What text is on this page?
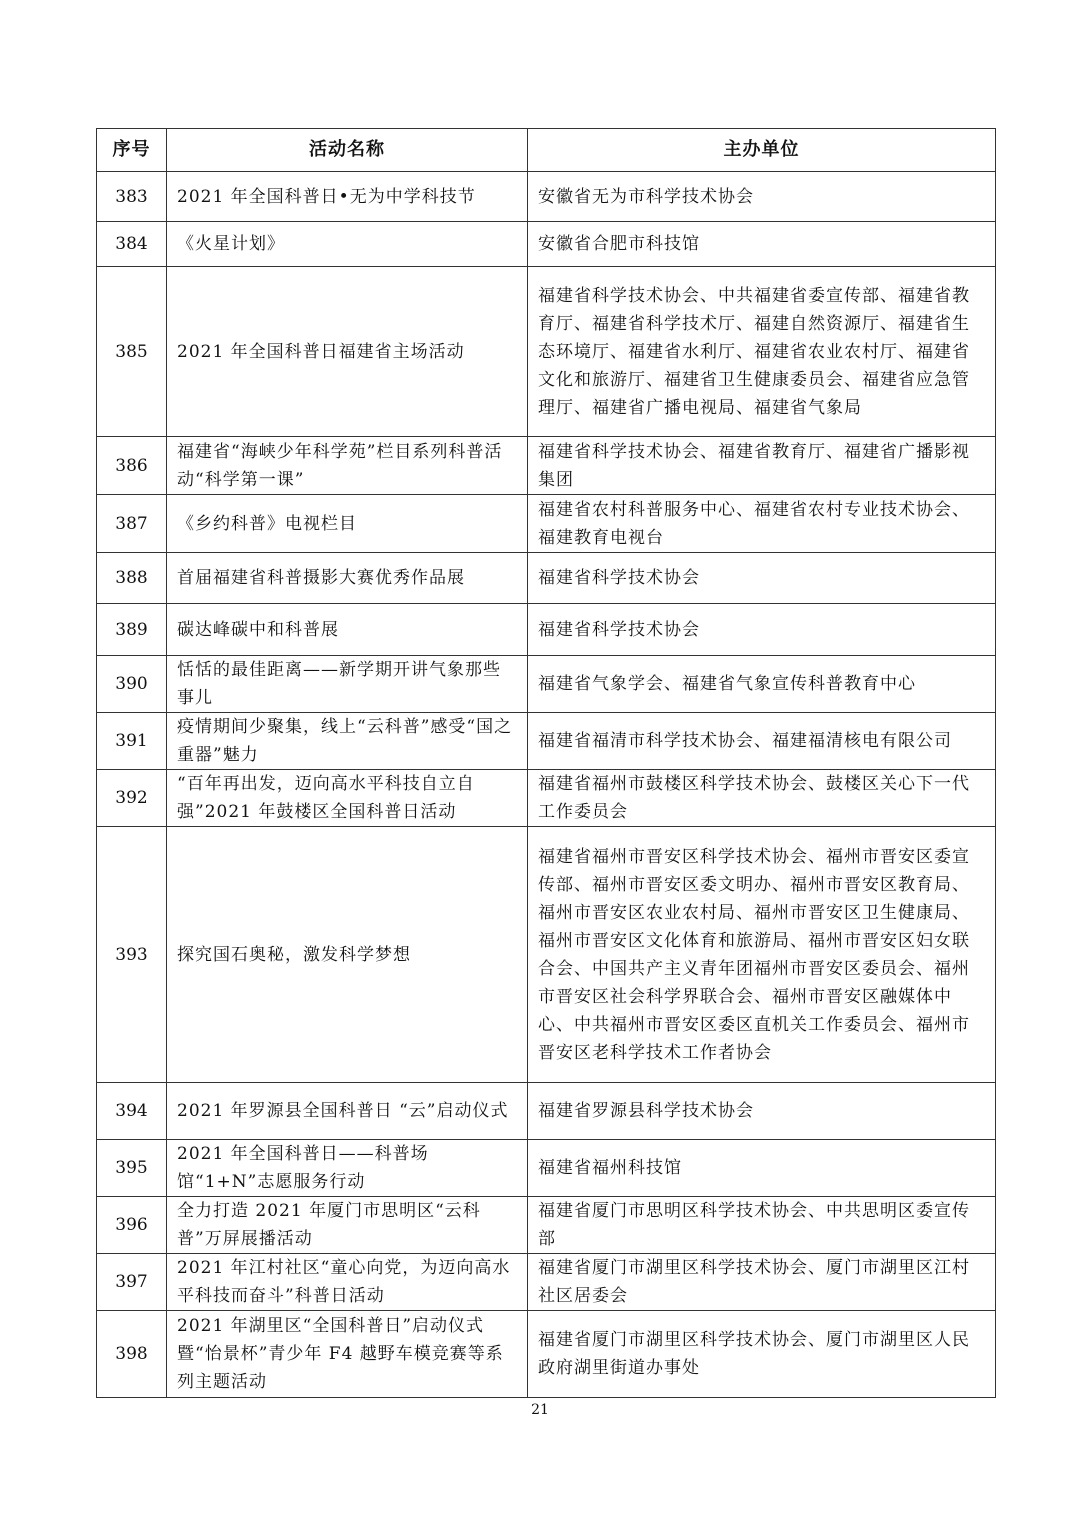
序号	活动名称	主办单位
383	2021 年全国科普日•无为中学科技节	安徽省无为市科学技术协会
384	《火星计划》	安徽省合肥市科技馆
385	2021 年全国科普日福建省主场活动	福建省科学技术协会、中共福建省委宣传部、福建省教育厅、福建省科学技术厅、福建自然资源厅、福建省生态环境厅、福建省水利厅、福建省农业农村厅、福建省文化和旅游厅、福建省卫生健康委员会、福建省应急管理厅、福建省广播电视局、福建省气象局
386	福建省“海峡少年科学苑”栏目系列科普活动“科学第一课”	福建省科学技术协会、福建省教育厅、福建省广播影视集团
387	《乡约科普》电视栏目	福建省农村科普服务中心、福建省农村专业技术协会、福建教育电视台
388	首届福建省科普摄影大赛优秀作品展	福建省科学技术协会
389	碳达峰碳中和科普展	福建省科学技术协会
390	恬恬的最佳距离——新学期开讲气象那些事儿	福建省气象学会、福建省气象宣传科普教育中心
391	疫情期间少聚集，线上“云科普”感受“国之重器”魅力	福建省福清市科学技术协会、福建福清核电有限公司
392	“百年再出发，迈向高水平科技自立自强”2021 年鼓楼区全国科普日活动	福建省福州市鼓楼区科学技术协会、鼓楼区关心下一代工作委员会
393	探究国石奥秘，激发科学梦想	福建省福州市晋安区科学技术协会、福州市晋安区委宣传部、福州市晋安区委文明办、福州市晋安区教育局、福州市晋安区农业农村局、福州市晋安区卫生健康局、福州市晋安区文化体育和旅游局、福州市晋安区妇女联合会、中国共产主义青年团福州市晋安区委员会、福州市晋安区社会科学界联合会、福州市晋安区融媒体中心、中共福州市晋安区委区直机关工作委员会、福州市晋安区老科学技术工作者协会
394	2021 年罗源县全国科普日 “云”启动仪式	福建省罗源县科学技术协会
395	2021 年全国科普日——科普场馆“1+N”志愿服务行动	福建省福州科技馆
396	全力打造 2021 年厦门市思明区“云科普”万屏展播活动	福建省厦门市思明区科学技术协会、中共思明区委宣传部
397	2021 年江村社区“童心向党，为迈向高水平科技而奋斗”科普日活动	福建省厦门市湖里区科学技术协会、厦门市湖里区江村社区居委会
398	2021 年湖里区“全国科普日”启动仪式暨“怡景杯”青少年 F4 越野车模竞赛等系列主题活动	福建省厦门市湖里区科学技术协会、厦门市湖里区人民政府湖里街道办事处
21
